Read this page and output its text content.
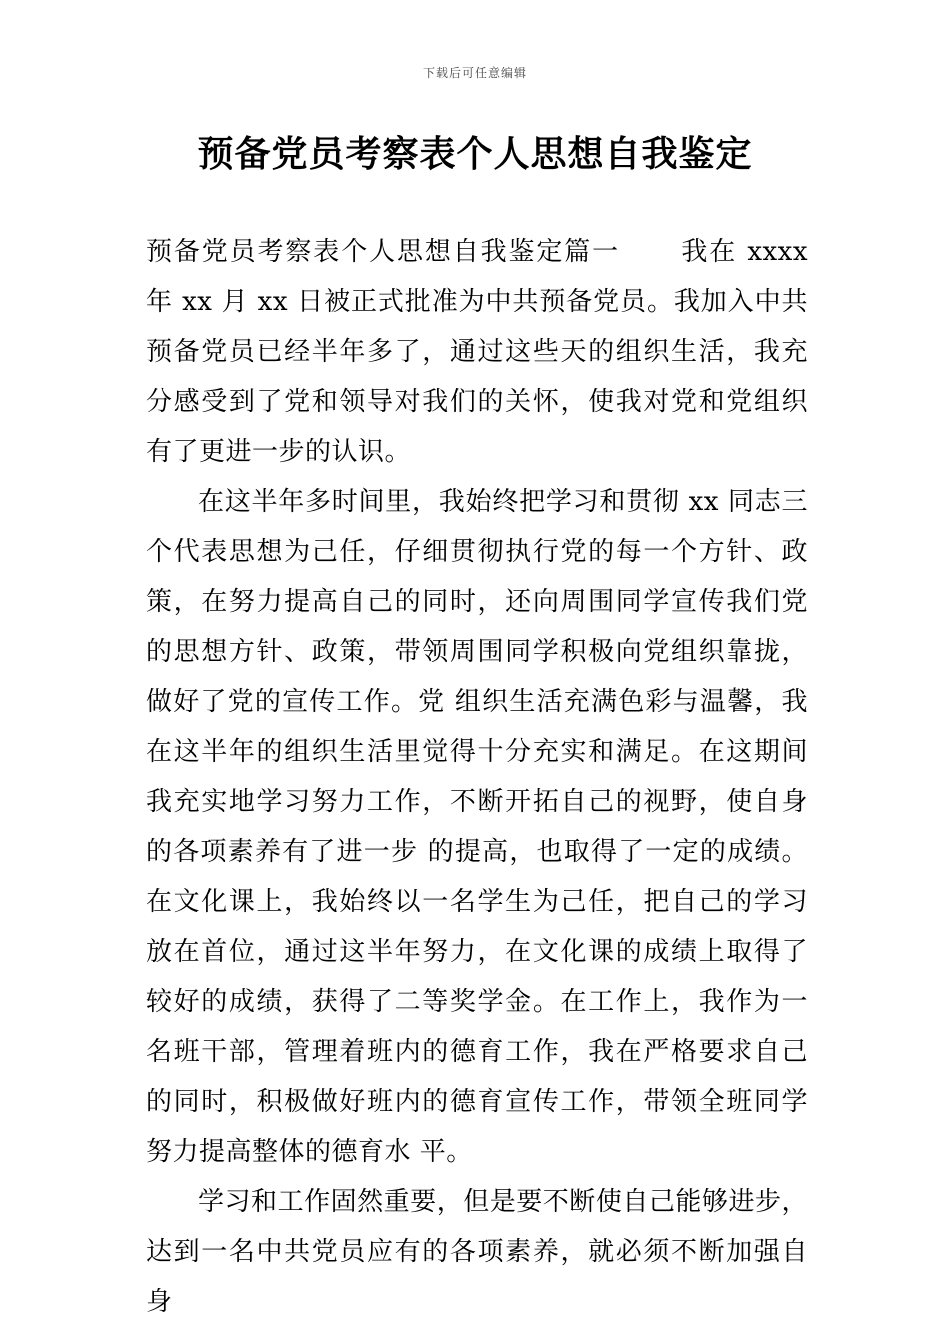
下载后可任意编辑
预备党员考察表个人思想自我鉴定

预备党员考察表个人思想自我鉴定篇一 我在 xxxx 年 xx 月 xx 日被正式批准为中共预备党员。我加入中共预备党员已经半年多了，通过这些天的组织生活，我充分感受到了党和领导对我们的关怀，使我对党和党组织有了更进一步的认识。

在这半年多时间里，我始终把学习和贯彻 xx 同志三个代表思想为己任，仔细贯彻执行党的每一个方针、政策，在努力提高自己的同时，还向周围同学宣传我们党的思想方针、政策，带领周围同学积极向党组织靠拢，做好了党的宣传工作。党 组织生活充满色彩与温馨，我在这半年的组织生活里觉得十分充实和满足。在这期间我充实地学习努力工作，不断开拓自己的视野，使自身的各项素养有了进一步 的提高，也取得了一定的成绩。在文化课上，我始终以一名学生为己任，把自己的学习放在首位，通过这半年努力，在文化课的成绩上取得了较好的成绩，获得了二等奖学金。在工作上，我作为一名班干部，管理着班内的德育工作，我在严格要求自己的同时，积极做好班内的德育宣传工作，带领全班同学努力提高整体的德育水 平。

学习和工作固然重要，但是要不断使自己能够进步，达到一名中共党员应有的各项素养，就必须不断加强自身
